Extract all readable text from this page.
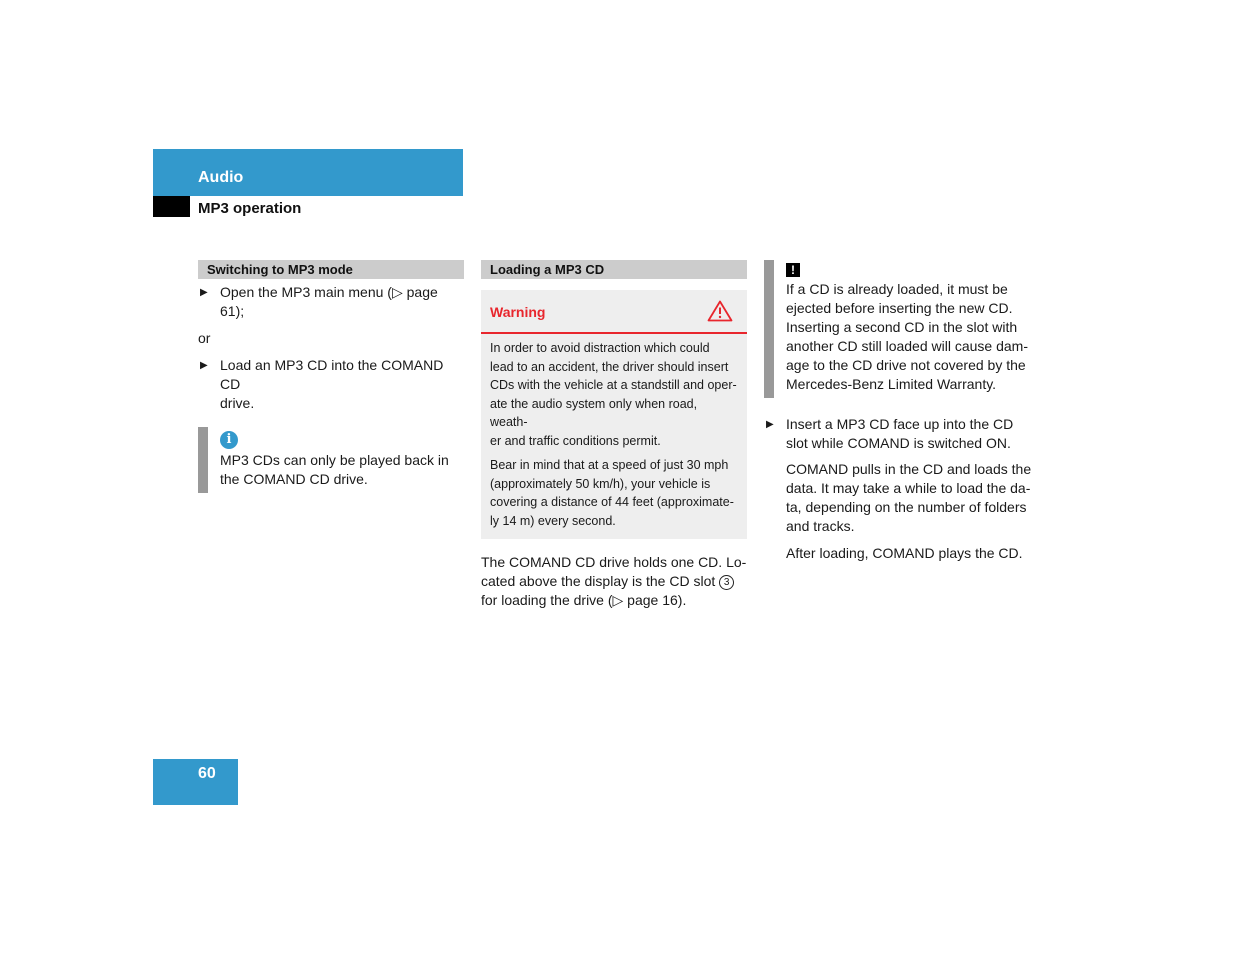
Audio
MP3 operation
Switching to MP3 mode
▶ Open the MP3 main menu (▷ page 61);
or
▶ Load an MP3 CD into the COMAND CD
drive.
i
MP3 CDs can only be played back in
the COMAND CD drive.
Loading a MP3 CD
Warning

In order to avoid distraction which could
lead to an accident, the driver should insert
CDs with the vehicle at a standstill and oper-
ate the audio system only when road, weath-
er and traffic conditions permit.

Bear in mind that at a speed of just 30 mph
(approximately 50 km/h), your vehicle is
covering a distance of 44 feet (approximate-
ly 14 m) every second.

The COMAND CD drive holds one CD. Lo-
cated above the display is the CD slot 3
for loading the drive (▷ page 16).
!
If a CD is already loaded, it must be
ejected before inserting the new CD.
Inserting a second CD in the slot with
another CD still loaded will cause dam-
age to the CD drive not covered by the
Mercedes-Benz Limited Warranty.
▶ Insert a MP3 CD face up into the CD
slot while COMAND is switched ON.
COMAND pulls in the CD and loads the
data. It may take a while to load the da-
ta, depending on the number of folders
and tracks.
After loading, COMAND plays the CD.
60
